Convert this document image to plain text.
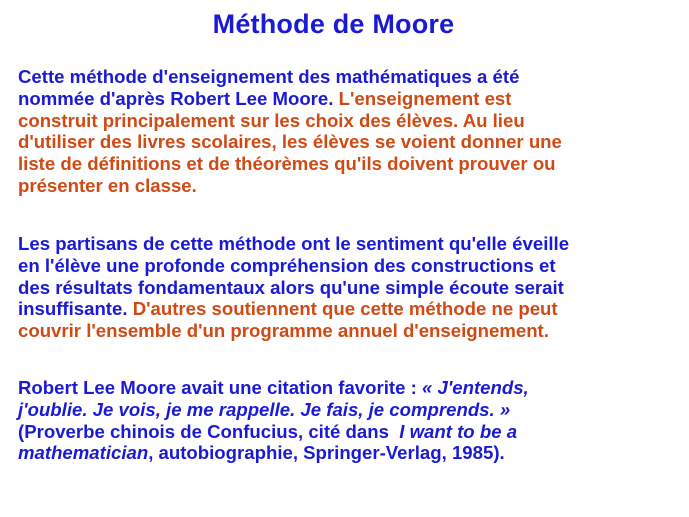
Méthode de Moore
Cette méthode d'enseignement des mathématiques a été
nommée d'après Robert Lee Moore. L'enseignement est
construit principalement sur les choix des élèves. Au lieu
d'utiliser des livres scolaires, les élèves se voient donner une
liste de définitions et de théorèmes qu'ils doivent prouver ou
présenter en classe.
Les partisans de cette méthode ont le sentiment qu'elle éveille
en l'élève une profonde compréhension des constructions et
des résultats fondamentaux alors qu'une simple écoute serait
insuffisante. D'autres soutiennent que cette méthode ne peut
couvrir l'ensemble d'un programme annuel d'enseignement.
Robert Lee Moore avait une citation favorite : « J'entends,
j'oublie. Je vois, je me rappelle. Je fais, je comprends. »
(Proverbe chinois de Confucius, cité dans  I want to be a
mathematician, autobiographie, Springer-Verlag, 1985).
